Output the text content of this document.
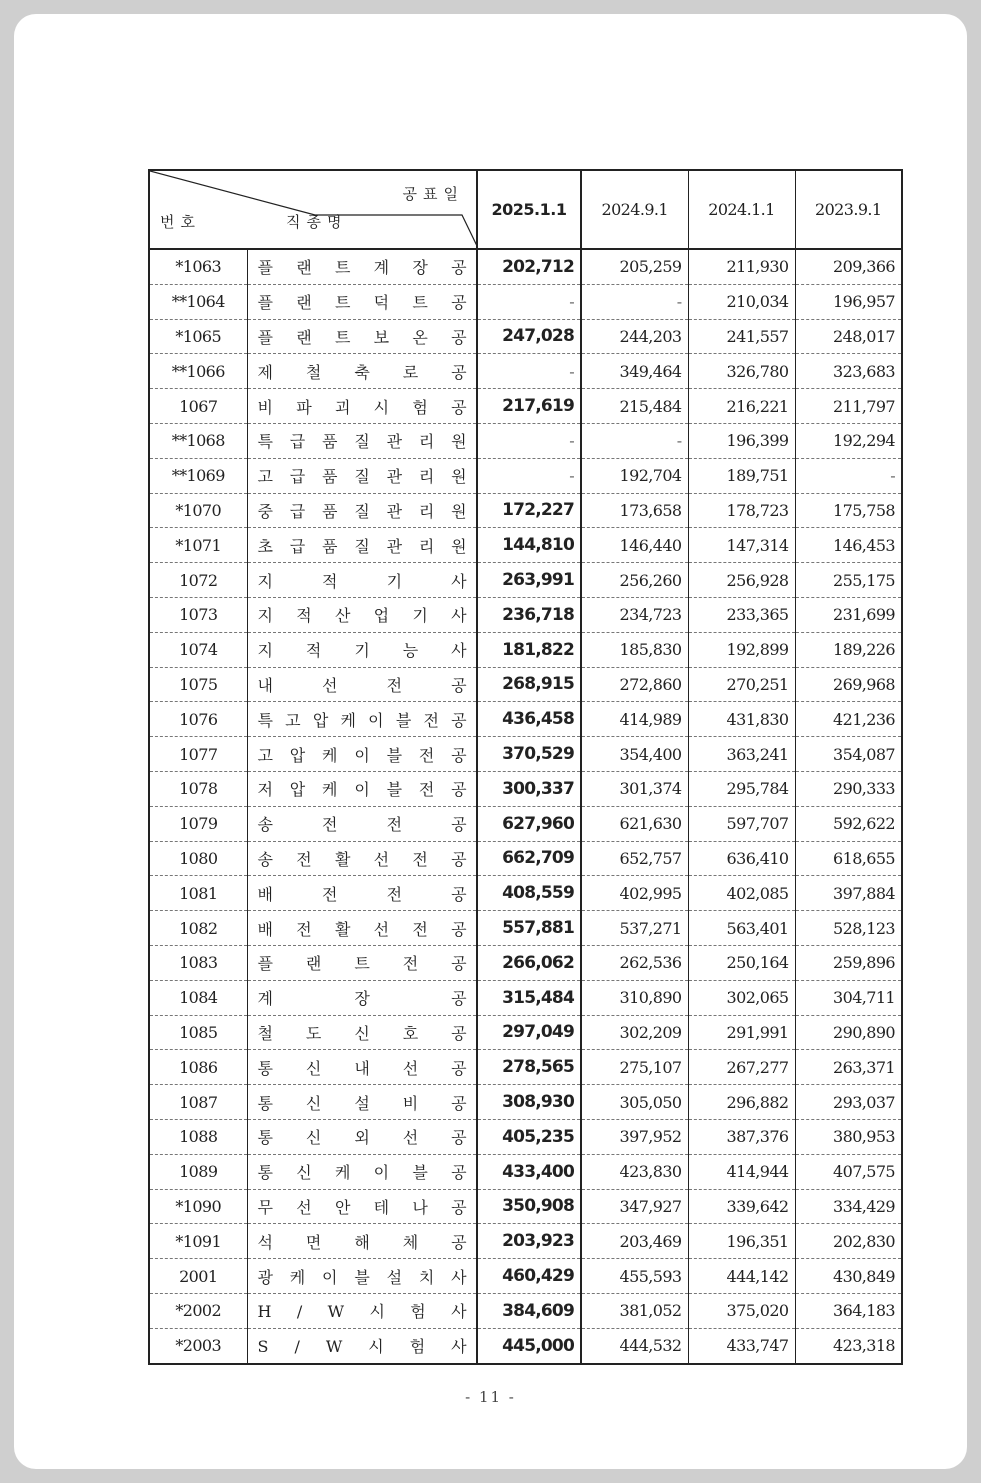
공표일
번호 직종명		2025.1.1	2024.9.1	2024.1.1	2023.9.1
*1063	플 랜 트 계 장 공	202,712	205,259	211,930	209,366
**1064	플 랜 트 덕 트 공	-	-	210,034	196,957
*1065	플 랜 트 보 온 공	247,028	244,203	241,557	248,017
**1066	제 철 축 로 공	-	349,464	326,780	323,683
1067	비 파 괴 시 험 공	217,619	215,484	216,221	211,797
**1068	특 급 품 질 관 리 원	-	-	196,399	192,294
**1069	고 급 품 질 관 리 원	-	192,704	189,751	-
*1070	중 급 품 질 관 리 원	172,227	173,658	178,723	175,758
*1071	초 급 품 질 관 리 원	144,810	146,440	147,314	146,453
1072	지 적 기 사	263,991	256,260	256,928	255,175
1073	지 적 산 업 기 사	236,718	234,723	233,365	231,699
1074	지 적 기 능 사	181,822	185,830	192,899	189,226
1075	내 선 전 공	268,915	272,860	270,251	269,968
1076	특 고 압 케 이 블 전 공	436,458	414,989	431,830	421,236
1077	고 압 케 이 블 전 공	370,529	354,400	363,241	354,087
1078	저 압 케 이 블 전 공	300,337	301,374	295,784	290,333
1079	송 전 전 공	627,960	621,630	597,707	592,622
1080	송 전 활 선 전 공	662,709	652,757	636,410	618,655
1081	배 전 전 공	408,559	402,995	402,085	397,884
1082	배 전 활 선 전 공	557,881	537,271	563,401	528,123
1083	플 랜 트 전 공	266,062	262,536	250,164	259,896
1084	계 장 공	315,484	310,890	302,065	304,711
1085	철 도 신 호 공	297,049	302,209	291,991	290,890
1086	통 신 내 선 공	278,565	275,107	267,277	263,371
1087	통 신 설 비 공	308,930	305,050	296,882	293,037
1088	통 신 외 선 공	405,235	397,952	387,376	380,953
1089	통 신 케 이 블 공	433,400	423,830	414,944	407,575
*1090	무 선 안 테 나 공	350,908	347,927	339,642	334,429
*1091	석 면 해 체 공	203,923	203,469	196,351	202,830
2001	광 케 이 블 설 치 사	460,429	455,593	444,142	430,849
*2002	H / W 시 험 사	384,609	381,052	375,020	364,183
*2003	S / W 시 험 사	445,000	444,532	433,747	423,318
- 11 -
